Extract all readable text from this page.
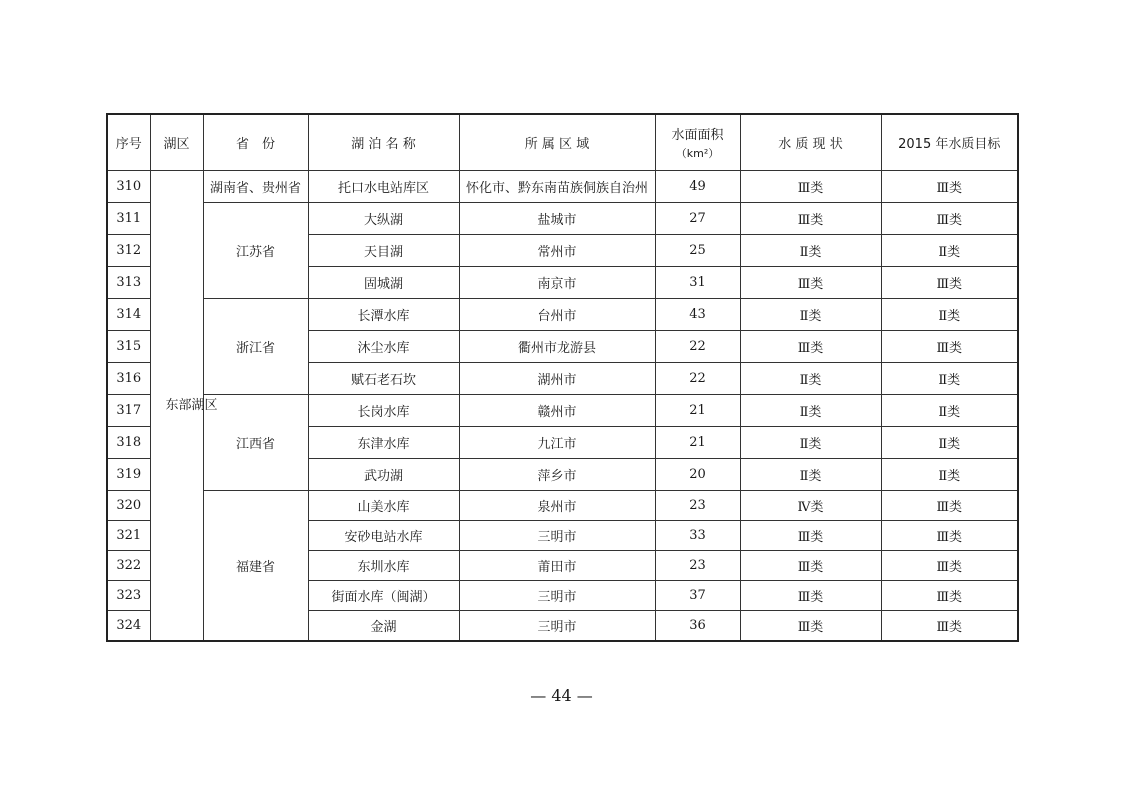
序号	湖区	省　份	湖 泊 名 称	所 属 区 域	水面面积
（km²）	水 质 现 状	2015 年水质目标
310	东部湖区	湖南省、贵州省	托口水电站库区	怀化市、黔东南苗族侗族自治州	49	Ⅲ类	Ⅲ类
311		江苏省	大纵湖	盐城市	27	Ⅲ类	Ⅲ类
312			天目湖	常州市	25	Ⅱ类	Ⅱ类
313			固城湖	南京市	31	Ⅲ类	Ⅲ类
314		浙江省	长潭水库	台州市	43	Ⅱ类	Ⅱ类
315			沐尘水库	衢州市龙游县	22	Ⅲ类	Ⅲ类
316			赋石老石坎	湖州市	22	Ⅱ类	Ⅱ类
317		江西省	长岗水库	赣州市	21	Ⅱ类	Ⅱ类
318			东津水库	九江市	21	Ⅱ类	Ⅱ类
319			武功湖	萍乡市	20	Ⅱ类	Ⅱ类
320		福建省	山美水库	泉州市	23	Ⅳ类	Ⅲ类
321			安砂电站水库	三明市	33	Ⅲ类	Ⅲ类
322			东圳水库	莆田市	23	Ⅲ类	Ⅲ类
323			街面水库（闽湖）	三明市	37	Ⅲ类	Ⅲ类
324			金湖	三明市	36	Ⅲ类	Ⅲ类
— 44 —
